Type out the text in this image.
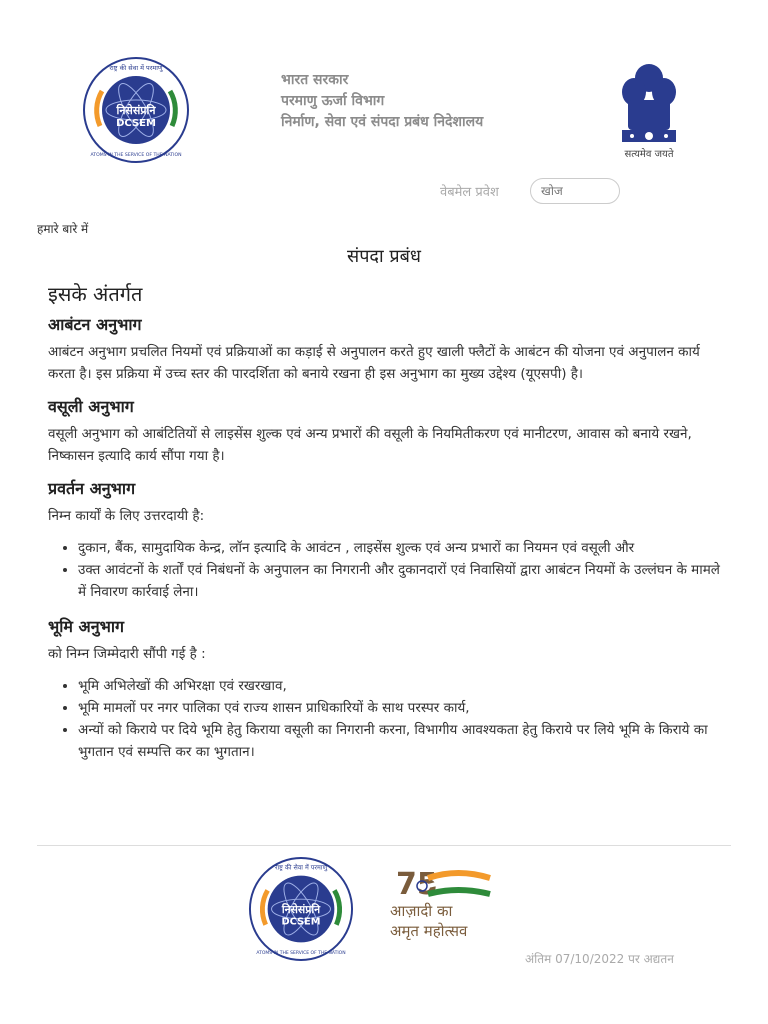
राष्ट्र की सेवा में परमाणु
निसेसंप्रनि
DCSEM
ATOMS IN THE SERVICE OF THE NATION
भारत सरकार
परमाणु ऊर्जा विभाग
निर्माण, सेवा एवं संपदा प्रबंध निदेशालय
सत्यमेव जयते
वेबमेल प्रवेश
खोज
हमारे बारे में
संपदा प्रबंध
इसके अंतर्गत
आबंटन अनुभाग

आबंटन अनुभाग प्रचलित नियमों एवं प्रक्रियाओं का कड़ाई से अनुपालन करते हुए खाली फ्लैटों के आबंटन की योजना एवं अनुपालन कार्य करता है। इस प्रक्रिया में उच्च स्तर की पारदर्शिता को बनाये रखना ही इस अनुभाग का मुख्य उद्देश्य (यूएसपी) है।

वसूली अनुभाग

वसूली अनुभाग को आबंटितियों से लाइसेंस शुल्क एवं अन्य प्रभारों की वसूली के नियमितीकरण एवं मानीटरण, आवास को बनाये रखने, निष्कासन इत्यादि कार्य सौंपा गया है।

प्रवर्तन अनुभाग

निम्न कार्यों के लिए उत्तरदायी है:

• दुकान, बैंक, सामुदायिक केन्द्र, लॉन इत्यादि के आवंटन , लाइसेंस शुल्क एवं अन्य प्रभारों का नियमन एवं वसूली और
• उक्त आवंटनों के शर्तों एवं निबंधनों के अनुपालन का निगरानी और दुकानदारों एवं निवासियों द्वारा आबंटन नियमों के उल्लंघन के मामले में निवारण कार्रवाई लेना।
भूमि अनुभाग

को निम्न जिम्मेदारी सौंपी गई है :

• भूमि अभिलेखों की अभिरक्षा एवं रखरखाव,
• भूमि मामलों पर नगर पालिका एवं राज्य शासन प्राधिकारियों के साथ परस्पर कार्य,
• अन्यों को किराये पर दिये भूमि हेतु किराया वसूली का निगरानी करना, विभागीय आवश्यकता हेतु किराये पर लिये भूमि के किराये का भुगतान एवं सम्पत्ति कर का भुगतान।
राष्ट्र की सेवा में परमाणु
निसेसंप्रनि
DCSEM
ATOMS IN THE SERVICE OF THE NATION
75
आज़ादी का
अमृत महोत्सव
अंतिम 07/10/2022 पर अद्यतन
